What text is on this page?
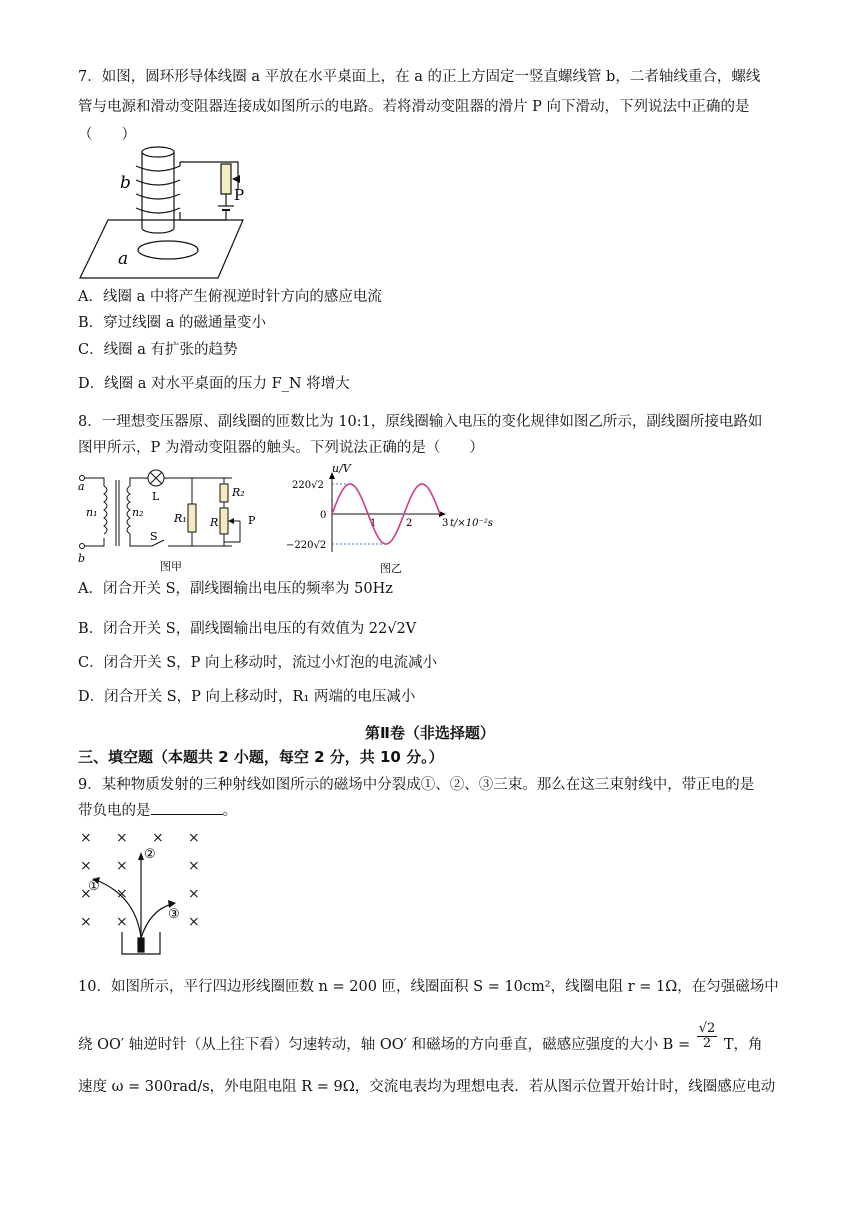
7．如图，圆环形导体线圈 a 平放在水平桌面上，在 a 的正上方固定一竖直螺线管 b，二者轴线重合，螺线
管与电源和滑动变阻器连接成如图所示的电路。若将滑动变阻器的滑片 P 向下滑动，下列说法中正确的是
（　　）
b
a
P
A．线圈 a 中将产生俯视逆时针方向的感应电流
B．穿过线圈 a 的磁通量变小
C．线圈 a 有扩张的趋势
D．线圈 a 对水平桌面的压力 F_N 将增大
8．一理想变压器原、副线圈的匝数比为 10:1，原线圈输入电压的变化规律如图乙所示，副线圈所接电路如
图甲所示，P 为滑动变阻器的触头。下列说法正确的是（　　）
a
b
n₁	n₂
L
S
R₁
R₂
R	P
图甲
1	2	3
u/V
t/×10⁻²s
220√2
0
−220√2
图乙
A．闭合开关 S，副线圈输出电压的频率为 50Hz
B．闭合开关 S，副线圈输出电压的有效值为 22√2V
C．闭合开关 S，P 向上移动时，流过小灯泡的电流减小
D．闭合开关 S，P 向上移动时，R₁ 两端的电压减小
第Ⅱ卷（非选择题）
三、填空题（本题共 2 小题，每空 2 分，共 10 分。）
9．某种物质发射的三种射线如图所示的磁场中分裂成①、②、③三束。那么在这三束射线中，带正电的是
带负电的是	。
× × × ×
× ×	×
× ×	×
× ×	×
②
①
③
10．如图所示，平行四边形线圈匝数 n = 200 匝，线圈面积 S = 10cm²，线圈电阻 r = 1Ω，在匀强磁场中
绕 OO′ 轴逆时针（从上往下看）匀速转动，轴 OO′ 和磁场的方向垂直，磁感应强度的大小 $B = \frac{√2}{2}$ T，角
速度 ω = 300rad/s，外电阻电阻 R = 9Ω，交流电表均为理想电表．若从图示位置开始计时，线圈感应电动
